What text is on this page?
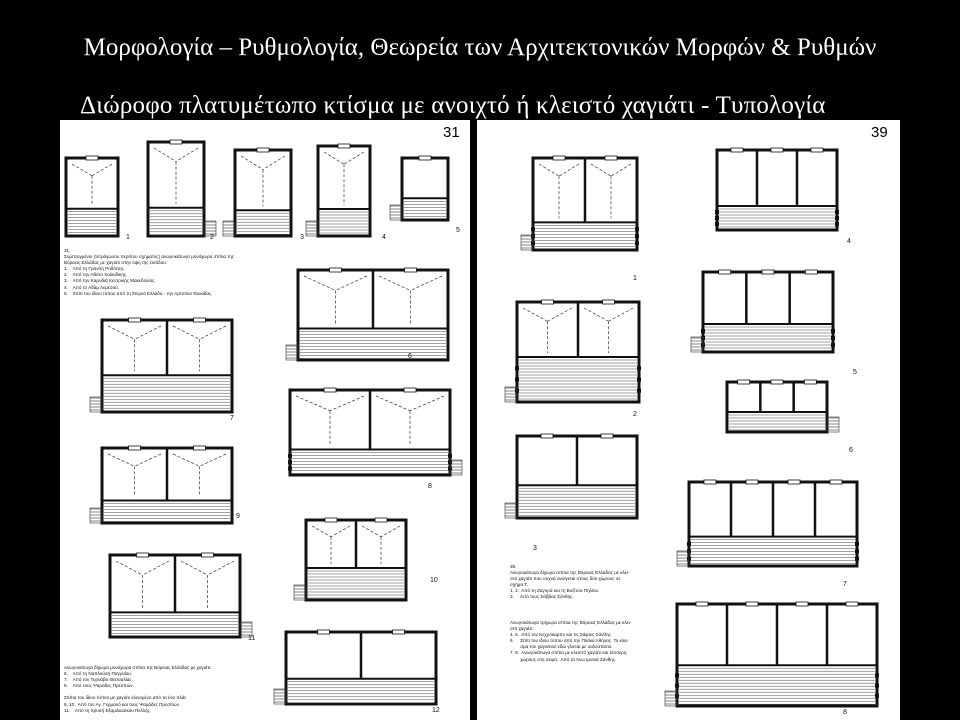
Μορφολογία – Ρυθμολογία, Θεωρεία των Αρχιτεκτονικών Μορφών & Ρυθμών
Διώροφο πλατυμέτωπο κτίσμα με ανοιχτό ή κλειστό χαγιάτι - Τυπολογία
1	2	3	4
5
6
7
8
9
10
11
12
31
31.
Συμπτυγμένοι (τετράγωνου περίπου σχήματος) ανωγοκάτωγα μονόχωρα σπίτια της
Βόρειας Ελλάδας με χαγιάτι στην όψη της εισόδου:
1.    Από τη Γρανίτη Ροδόπης.
2.    Από την Αθύτο Χαλκιδικής.
3.    Από την Καρυδιά Κεντρικής Μακεδονίας.
4.    Από το Αδάμ Λεμεσού.
5.    Σπίτι του ίδιου τύπου από τη Στερεά Ελλάδα - την Αρτοτίνα Φωκίδας.
Ανωγοκάτωγα δίχωρα μονόχωρα σπίτια της Βόρειας Ελλάδας με χαγιάτι:
6.    Από τη Ναπλούση Παγγαίου.
7.    Από τον Τυρνάβο Θεσσαλίας.
8.    Από τους Ψαράδες Πρεσπών.

Σπίτια του ίδιου τύπου με χαγιάτι κλεισμένο από τα ένα πλάι:
9, 10.  Από τον Αγ. Γερμανό και τους Ψαράδες Πρεσπών.
11.    Από τη Χρυσή Εξαμιλιώτικου Πελλής.
1
2
3
4
5
6
7
8
39
38.
Ανωγοκάτωγα δίχωρα σπίτια της Βόρειας Ελλάδας με κλει-
στό χαγιάτι που συχνά ανοίγεται στους δύο χώρους σε
σχήμα Τ.
1, 2.  Από τη Ζαγορά και τη Βυζίτσα Πηλίου.
3.     Από τους Σάββας Σάνθης.
Ανωγοκάτωγα τρίχωρα σπίτια της Βόρειας Ελλάδας με κλει-
στό χαγιάτι:
4, 5.  Από τον Κεχρόκαμπο και τις Σάφτες Σάνθης.
6.     Σπίτι του ίδιου τύπου από την Πλάκα Αθήνας. Το κλει-
σμα του χαγιατιού εδώ γίνεται με υαλοστάσιο.
7, 8.  Ανωγοκάτωγα σπίτια με κλειστό χαγιάτι και τέσσερις
χώρους στη σειρά.  Από τα Άνω Ιμανιά Σάνθης.
